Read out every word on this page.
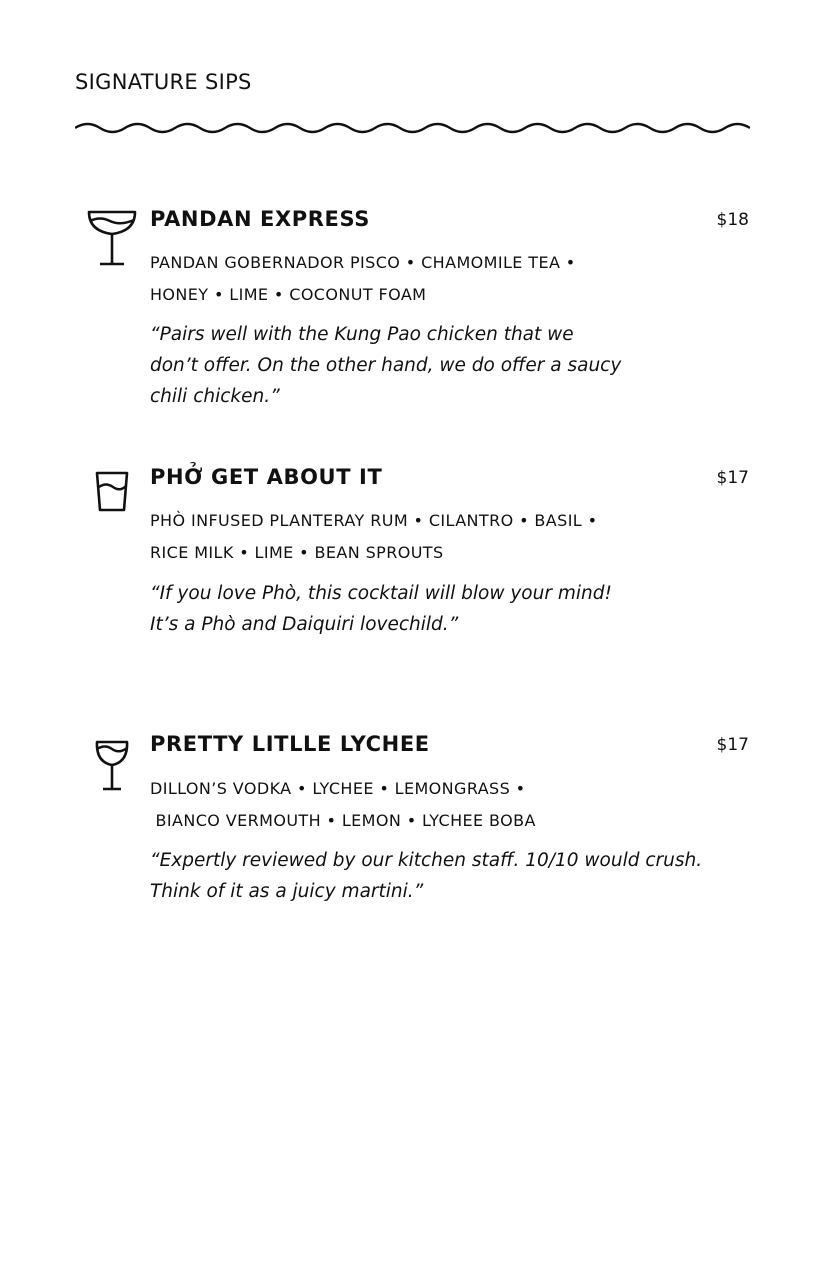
SIGNATURE SIPS
PANDAN EXPRESS	$18
PANDAN GOBERNADOR PISCO • CHAMOMILE TEA •
HONEY • LIME • COCONUT FOAM
“Pairs well with the Kung Pao chicken that we
don’t offer. On the other hand, we do offer a saucy
chili chicken.”
PHỞ GET ABOUT IT	$17
PHÒ INFUSED PLANTERAY RUM • CILANTRO • BASIL •
RICE MILK • LIME • BEAN SPROUTS
“If you love Phò, this cocktail will blow your mind!
It’s a Phò and Daiquiri lovechild.”
PRETTY LITLLE LYCHEE	$17
DILLON’S VODKA • LYCHEE • LEMONGRASS •
BIANCO VERMOUTH • LEMON • LYCHEE BOBA
“Expertly reviewed by our kitchen staff. 10/10 would crush.
Think of it as a juicy martini.”
